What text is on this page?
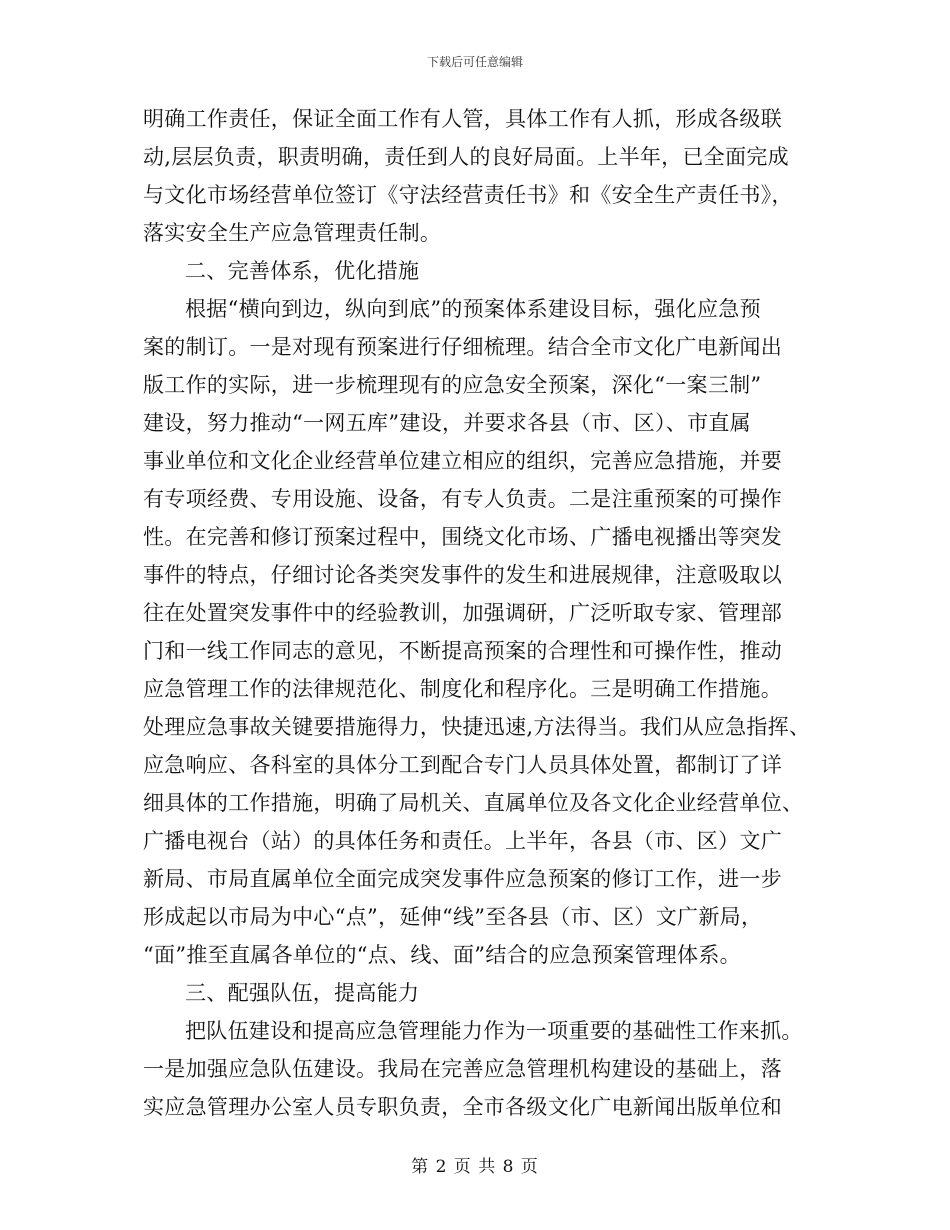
下载后可任意编辑
明确工作责任，保证全面工作有人管，具体工作有人抓，形成各级联
动,层层负责，职责明确，责任到人的良好局面。上半年，已全面完成
与文化市场经营单位签订《守法经营责任书》和《安全生产责任书》，
落实安全生产应急管理责任制。
二、完善体系，优化措施
根据“横向到边，纵向到底”的预案体系建设目标，强化应急预
案的制订。一是对现有预案进行仔细梳理。结合全市文化广电新闻出
版工作的实际，进一步梳理现有的应急安全预案，深化“一案三制”
建设，努力推动“一网五库”建设，并要求各县（市、区）、市直属
事业单位和文化企业经营单位建立相应的组织，完善应急措施，并要
有专项经费、专用设施、设备，有专人负责。二是注重预案的可操作
性。在完善和修订预案过程中，围绕文化市场、广播电视播出等突发
事件的特点，仔细讨论各类突发事件的发生和进展规律，注意吸取以
往在处置突发事件中的经验教训，加强调研，广泛听取专家、管理部
门和一线工作同志的意见，不断提高预案的合理性和可操作性，推动
应急管理工作的法律规范化、制度化和程序化。三是明确工作措施。
处理应急事故关键要措施得力，快捷迅速,方法得当。我们从应急指挥、
应急响应、各科室的具体分工到配合专门人员具体处置，都制订了详
细具体的工作措施，明确了局机关、直属单位及各文化企业经营单位、
广播电视台（站）的具体任务和责任。上半年，各县（市、区）文广
新局、市局直属单位全面完成突发事件应急预案的修订工作，进一步
形成起以市局为中心“点”，延伸“线”至各县（市、区）文广新局，
“面”推至直属各单位的“点、线、面”结合的应急预案管理体系。
三、配强队伍，提高能力
把队伍建设和提高应急管理能力作为一项重要的基础性工作来抓。
一是加强应急队伍建设。我局在完善应急管理机构建设的基础上，落
实应急管理办公室人员专职负责，全市各级文化广电新闻出版单位和
第 2 页 共 8 页
